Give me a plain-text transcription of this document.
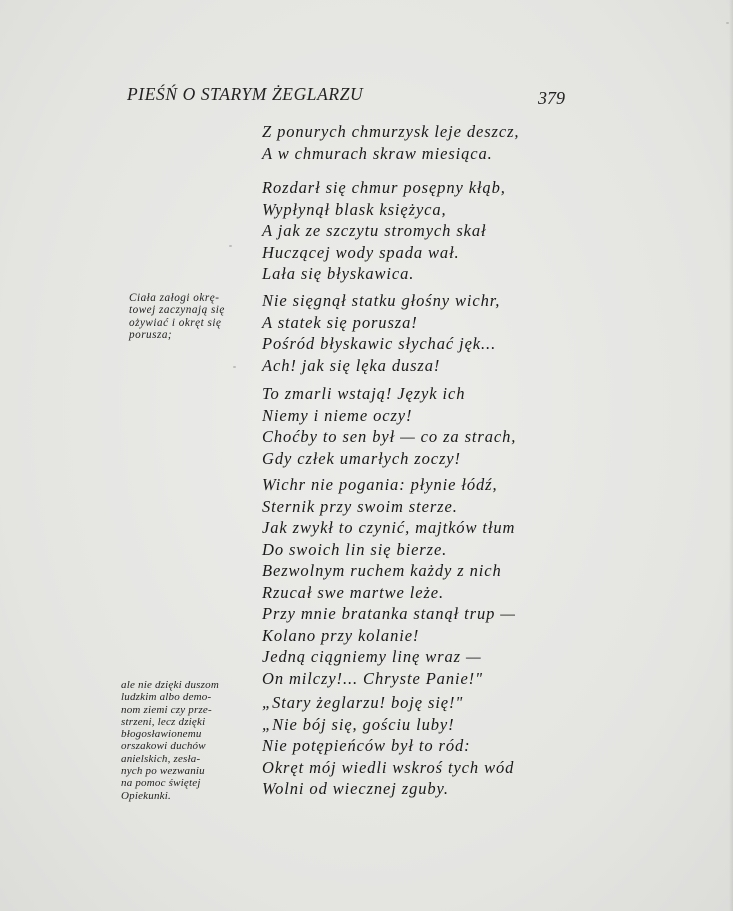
PIEŚŃ O STARYM ŻEGLARZU	379
Z ponurych chmurzysk leje deszcz,
A w chmurach skraw miesiąca.
Rozdarł się chmur posępny kłąb,
Wypłynął blask księżyca,
A jak ze szczytu stromych skał
Huczącej wody spada wał.
Lała się błyskawica.
Nie sięgnął statku głośny wichr,
A statek się porusza!
Pośród błyskawic słychać jęk...
Ach! jak się lęka dusza!
To zmarli wstają! Język ich
Niemy i nieme oczy!
Choćby to sen był — co za strach,
Gdy człek umarłych zoczy!
Wichr nie pogania: płynie łódź,
Sternik przy swoim sterze.
Jak zwykł to czynić, majtków tłum
Do swoich lin się bierze.
Bezwolnym ruchem każdy z nich
Rzucał swe martwe leże.
Przy mnie bratanka stanął trup —
Kolano przy kolanie!
Jedną ciągniemy linę wraz —
On milczy!... Chryste Panie!"
„Stary żeglarzu! boję się!"
„Nie bój się, gościu luby!
Nie potępieńców był to ród:
Okręt mój wiedli wskroś tych wód
Wolni od wiecznej zguby.
Ciała załogi okrę-
towej zaczynają się
ożywiać i okręt się
porusza;
ale nie dzięki duszom
ludzkim albo demo-
nom ziemi czy prze-
strzeni, lecz dzięki
błogosławionemu
orszakowi duchów
anielskich, zesła-
nych po wezwaniu
na pomoc świętej
Opiekunki.
